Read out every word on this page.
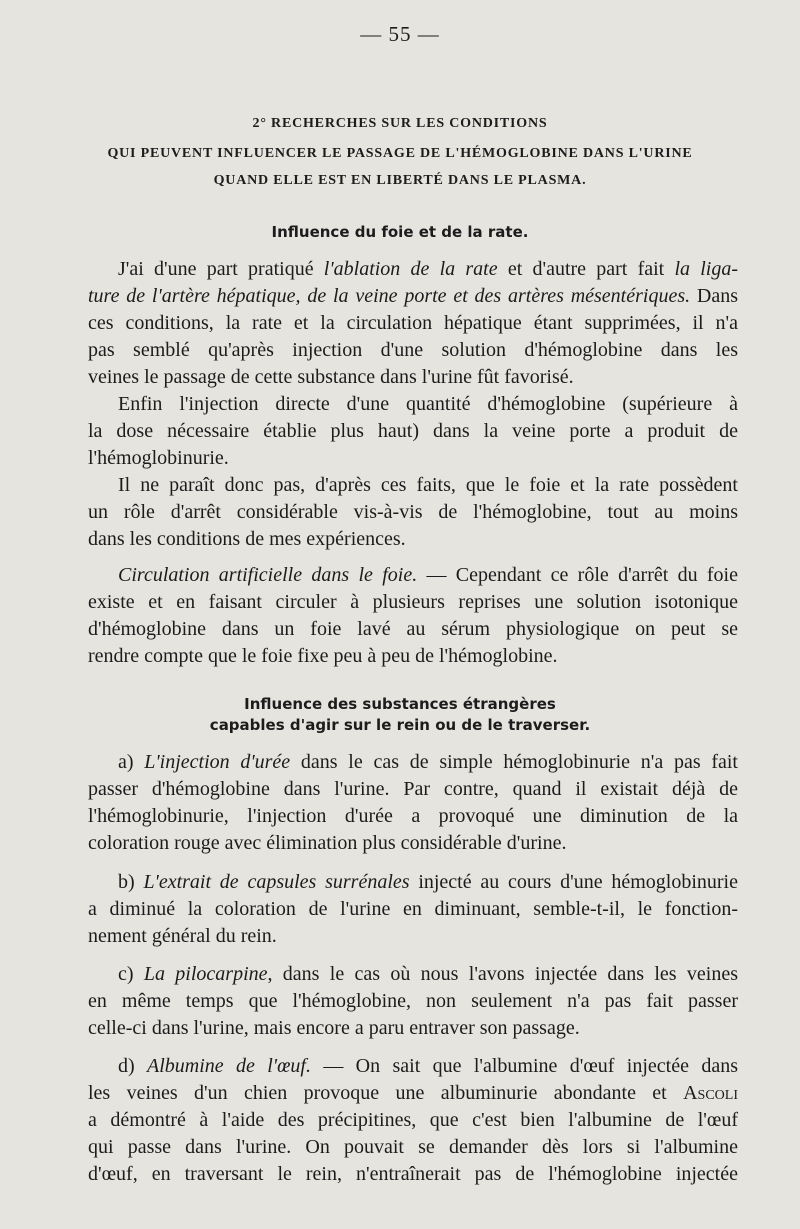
— 55 —
2° RECHERCHES SUR LES CONDITIONS
QUI PEUVENT INFLUENCER LE PASSAGE DE L'HÉMOGLOBINE DANS L'URINE
QUAND ELLE EST EN LIBERTÉ DANS LE PLASMA.
Influence du foie et de la rate.
J'ai d'une part pratiqué l'ablation de la rate et d'autre part fait la liga-
ture de l'artère hépatique, de la veine porte et des artères mésentériques. Dans
ces conditions, la rate et la circulation hépatique étant supprimées, il n'a
pas semblé qu'après injection d'une solution d'hémoglobine dans les
veines le passage de cette substance dans l'urine fût favorisé.
Enfin l'injection directe d'une quantité d'hémoglobine (supérieure à
la dose nécessaire établie plus haut) dans la veine porte a produit de
l'hémoglobinurie.
Il ne paraît donc pas, d'après ces faits, que le foie et la rate possèdent
un rôle d'arrêt considérable vis-à-vis de l'hémoglobine, tout au moins
dans les conditions de mes expériences.
Circulation artificielle dans le foie. — Cependant ce rôle d'arrêt du foie
existe et en faisant circuler à plusieurs reprises une solution isotonique
d'hémoglobine dans un foie lavé au sérum physiologique on peut se
rendre compte que le foie fixe peu à peu de l'hémoglobine.
Influence des substances étrangères
capables d'agir sur le rein ou de le traverser.
a) L'injection d'urée dans le cas de simple hémoglobinurie n'a pas fait
passer d'hémoglobine dans l'urine. Par contre, quand il existait déjà de
l'hémoglobinurie, l'injection d'urée a provoqué une diminution de la
coloration rouge avec élimination plus considérable d'urine.
b) L'extrait de capsules surrénales injecté au cours d'une hémoglobinurie
a diminué la coloration de l'urine en diminuant, semble-t-il, le fonction-
nement général du rein.
c) La pilocarpine, dans le cas où nous l'avons injectée dans les veines
en même temps que l'hémoglobine, non seulement n'a pas fait passer
celle-ci dans l'urine, mais encore a paru entraver son passage.
d) Albumine de l'œuf. — On sait que l'albumine d'œuf injectée dans
les veines d'un chien provoque une albuminurie abondante et Ascoli
a démontré à l'aide des précipitines, que c'est bien l'albumine de l'œuf
qui passe dans l'urine. On pouvait se demander dès lors si l'albumine
d'œuf, en traversant le rein, n'entraînerait pas de l'hémoglobine injectée
